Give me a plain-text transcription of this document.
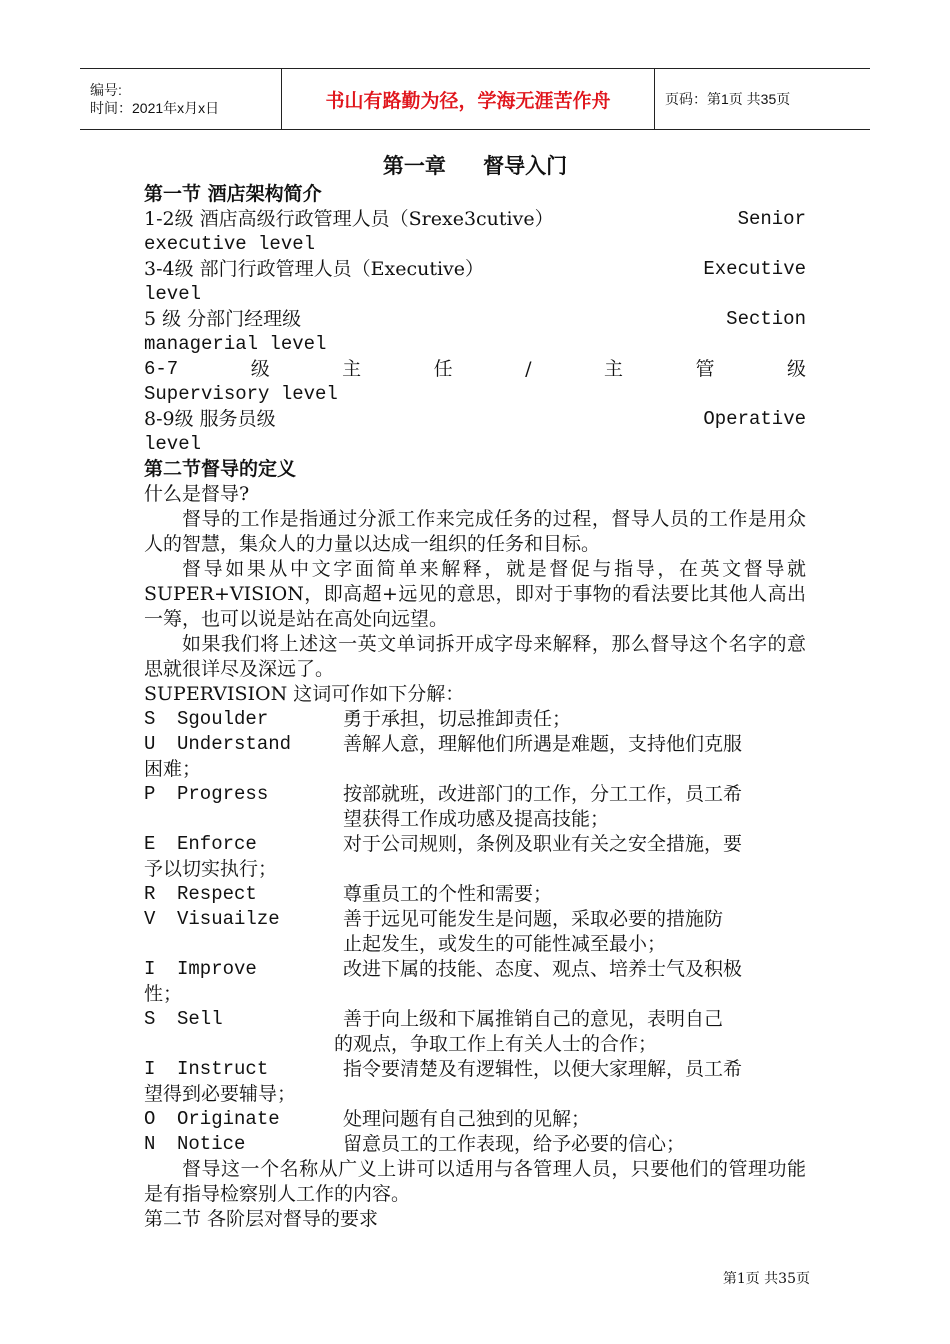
编号:
时间：2021年x月x日	书山有路勤为径，学海无涯苦作舟	页码：第1页 共35页
第一章 督导入门
第一节 酒店架构简介
1-2级 酒店高级行政管理人员（Srexe3cutive）	Senior
executive level
3-4级 部门行政管理人员（Executive）	Executive
level
5 级 分部门经理级	Section
managerial level
6-7	级	主	任	/	主	管	级
Supervisory level
8-9级 服务员级	Operative
level
第二节督导的定义
什么是督导?
督导的工作是指通过分派工作来完成任务的过程，督导人员的工作是用众人的智慧，集众人的力量以达成一组织的任务和目标。
督导如果从中文字面简单来解释，就是督促与指导，在英文督导就SUPER+VISION，即高超+远见的意思，即对于事物的看法要比其他人高出一筹，也可以说是站在高处向远望。
如果我们将上述这一英文单词拆开成字母来解释，那么督导这个名字的意思就很详尽及深远了。
SUPERVISION 这词可作如下分解：
S	Sgoulder	勇于承担，切忌推卸责任；
U	Understand	善解人意，理解他们所遇是难题，支持他们克服
困难；
P	Progress	按部就班，改进部门的工作，分工工作，员工希
望获得工作成功感及提高技能；
E	Enforce	对于公司规则，条例及职业有关之安全措施，要
予以切实执行；
R	Respect	尊重员工的个性和需要；
V	Visuailze	善于远见可能发生是问题，采取必要的措施防
止起发生，或发生的可能性减至最小；
I	Improve	改进下属的技能、态度、观点、培养士气及积极
性；
S	Sell	善于向上级和下属推销自己的意见，表明自己
的观点，争取工作上有关人士的合作；
I	Instruct	指令要清楚及有逻辑性，以便大家理解，员工希
望得到必要辅导；
O	Originate	处理问题有自己独到的见解；
N	Notice	留意员工的工作表现，给予必要的信心；
督导这一个名称从广义上讲可以适用与各管理人员，只要他们的管理功能是有指导检察别人工作的内容。
第二节 各阶层对督导的要求
第1页 共35页
